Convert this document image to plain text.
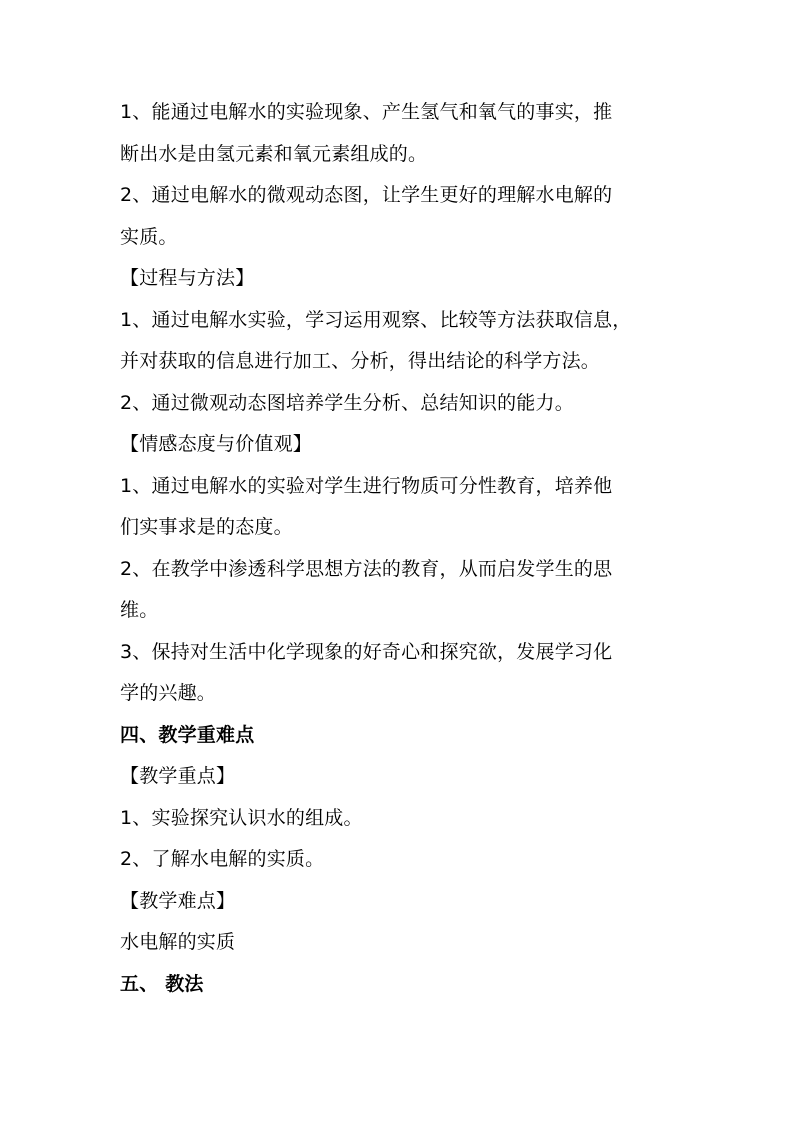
1、能通过电解水的实验现象、产生氢气和氧气的事实，推
断出水是由氢元素和氧元素组成的。
2、通过电解水的微观动态图，让学生更好的理解水电解的
实质。
【过程与方法】
1、通过电解水实验，学习运用观察、比较等方法获取信息，
并对获取的信息进行加工、分析，得出结论的科学方法。
2、通过微观动态图培养学生分析、总结知识的能力。
【情感态度与价值观】
1、通过电解水的实验对学生进行物质可分性教育，培养他
们实事求是的态度。
2、在教学中渗透科学思想方法的教育，从而启发学生的思
维。
3、保持对生活中化学现象的好奇心和探究欲，发展学习化
学的兴趣。
四、教学重难点
【教学重点】
1、实验探究认识水的组成。
2、了解水电解的实质。
【教学难点】
水电解的实质
五、 教法
